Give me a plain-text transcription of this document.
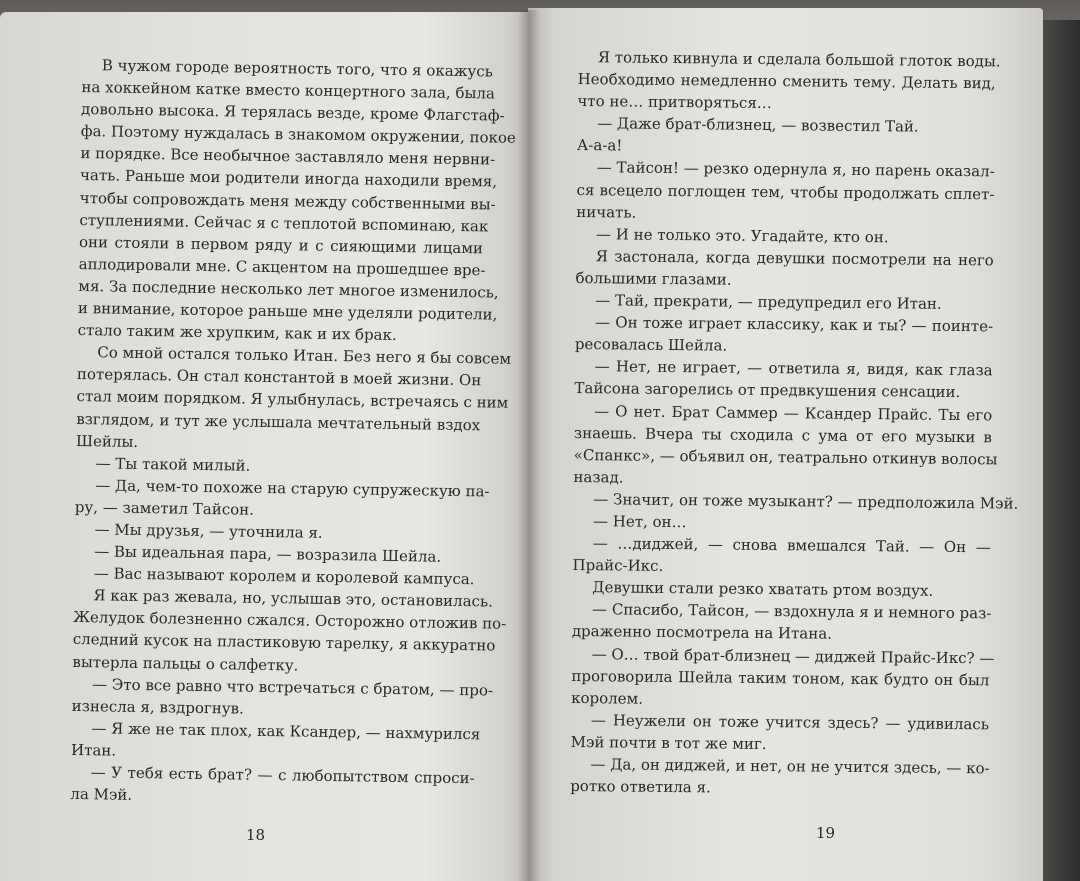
18	19
В чужом городе вероятность того, что я окажусь
на хоккейном катке вместо концертного зала, была
довольно высока. Я терялась везде, кроме Флагстаф-
фа. Поэтому нуждалась в знакомом окружении, покое
и порядке. Все необычное заставляло меня нервни-
чать. Раньше мои родители иногда находили время,
чтобы сопровождать меня между собственными вы-
ступлениями. Сейчас я с теплотой вспоминаю, как
они стояли в первом ряду и с сияющими лицами
аплодировали мне. С акцентом на прошедшее вре-
мя. За последние несколько лет многое изменилось,
и внимание, которое раньше мне уделяли родители,
стало таким же хрупким, как и их брак.
Со мной остался только Итан. Без него я бы совсем
потерялась. Он стал константой в моей жизни. Он
стал моим порядком. Я улыбнулась, встречаясь с ним
взглядом, и тут же услышала мечтательный вздох
Шейлы.
— Ты такой милый.
— Да, чем-то похоже на старую супружескую па-
ру, — заметил Тайсон.
— Мы друзья, — уточнила я.
— Вы идеальная пара, — возразила Шейла.
— Вас называют королем и королевой кампуса.
Я как раз жевала, но, услышав это, остановилась.
Желудок болезненно сжался. Осторожно отложив по-
следний кусок на пластиковую тарелку, я аккуратно
вытерла пальцы о салфетку.
— Это все равно что встречаться с братом, — про-
изнесла я, вздрогнув.
— Я же не так плох, как Ксандер, — нахмурился
Итан.
— У тебя есть брат? — с любопытством спроси-
ла Мэй.
Я только кивнула и сделала большой глоток воды.
Необходимо немедленно сменить тему. Делать вид,
что не… притворяться…
— Даже брат-близнец, — возвестил Тай.
А-а-а!
— Тайсон! — резко одернула я, но парень оказал-
ся всецело поглощен тем, чтобы продолжать сплет-
ничать.
— И не только это. Угадайте, кто он.
Я застонала, когда девушки посмотрели на него
большими глазами.
— Тай, прекрати, — предупредил его Итан.
— Он тоже играет классику, как и ты? — поинте-
ресовалась Шейла.
— Нет, не играет, — ответила я, видя, как глаза
Тайсона загорелись от предвкушения сенсации.
— О нет. Брат Саммер — Ксандер Прайс. Ты его
знаешь. Вчера ты сходила с ума от его музыки в
«Спанкс», — объявил он, театрально откинув волосы
назад.
— Значит, он тоже музыкант? — предположила Мэй.
— Нет, он…
— …диджей, — снова вмешался Тай. — Он —
Прайс-Икс.
Девушки стали резко хватать ртом воздух.
— Спасибо, Тайсон, — вздохнула я и немного раз-
драженно посмотрела на Итана.
— О… твой брат-близнец — диджей Прайс-Икс? —
проговорила Шейла таким тоном, как будто он был
королем.
— Неужели он тоже учится здесь? — удивилась
Мэй почти в тот же миг.
— Да, он диджей, и нет, он не учится здесь, — ко-
ротко ответила я.
